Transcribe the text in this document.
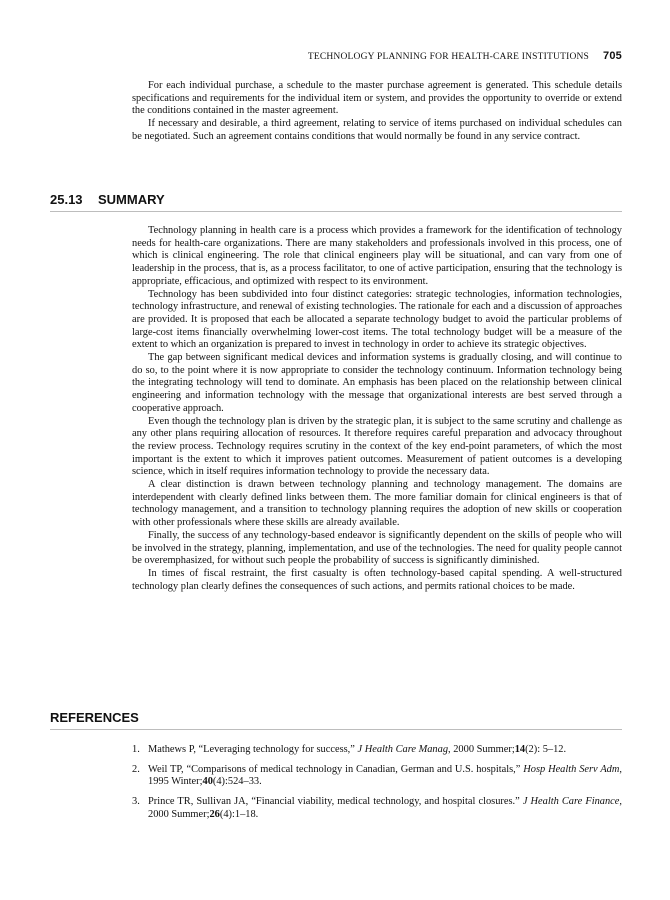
TECHNOLOGY PLANNING FOR HEALTH-CARE INSTITUTIONS 705

For each individual purchase, a schedule to the master purchase agreement is generated. This schedule details specifications and requirements for the individual item or system, and provides the opportunity to override or extend the conditions contained in the master agreement.

If necessary and desirable, a third agreement, relating to service of items purchased on individual schedules can be negotiated. Such an agreement contains conditions that would normally be found in any service contract.

25.13 SUMMARY

Technology planning in health care is a process which provides a framework for the identification of technology needs for health-care organizations. There are many stakeholders and professionals involved in this process, one of which is clinical engineering. The role that clinical engineers play will be situational, and can vary from one of leadership in the process, that is, as a process facilitator, to one of active participation, ensuring that the technology is appropriate, efficacious, and optimized with respect to its environment.

Technology has been subdivided into four distinct categories: strategic technologies, information technologies, technology infrastructure, and renewal of existing technologies. The rationale for each and a discussion of approaches are provided. It is proposed that each be allocated a separate technology budget to avoid the particular problems of large-cost items financially overwhelming lower-cost items. The total technology budget will be a measure of the extent to which an organization is prepared to invest in technology in order to achieve its strategic objectives.

The gap between significant medical devices and information systems is gradually closing, and will continue to do so, to the point where it is now appropriate to consider the technology continuum. Information technology being the integrating technology will tend to dominate. An emphasis has been placed on the relationship between clinical engineering and information technology with the message that organizational interests are best served through a cooperative approach.

Even though the technology plan is driven by the strategic plan, it is subject to the same scrutiny and challenge as any other plans requiring allocation of resources. It therefore requires careful preparation and advocacy throughout the review process. Technology requires scrutiny in the context of the key end-point parameters, of which the most important is the extent to which it improves patient outcomes. Measurement of patient outcomes is a developing science, which in itself requires information technology to provide the necessary data.

A clear distinction is drawn between technology planning and technology management. The domains are interdependent with clearly defined links between them. The more familiar domain for clinical engineers is that of technology management, and a transition to technology planning requires the adoption of new skills or cooperation with other professionals where these skills are already available.

Finally, the success of any technology-based endeavor is significantly dependent on the skills of people who will be involved in the strategy, planning, implementation, and use of the technologies. The need for quality people cannot be overemphasized, for without such people the probability of success is significantly diminished.

In times of fiscal restraint, the first casualty is often technology-based capital spending. A well-structured technology plan clearly defines the consequences of such actions, and permits rational choices to be made.

REFERENCES
1. Mathews P, “Leveraging technology for success,” J Health Care Manag, 2000 Summer;14(2): 5–12.
2. Weil TP, “Comparisons of medical technology in Canadian, German and U.S. hospitals,” Hosp Health Serv Adm, 1995 Winter;40(4):524–33.
3. Prince TR, Sullivan JA, “Financial viability, medical technology, and hospital closures.” J Health Care Finance, 2000 Summer;26(4):1–18.
